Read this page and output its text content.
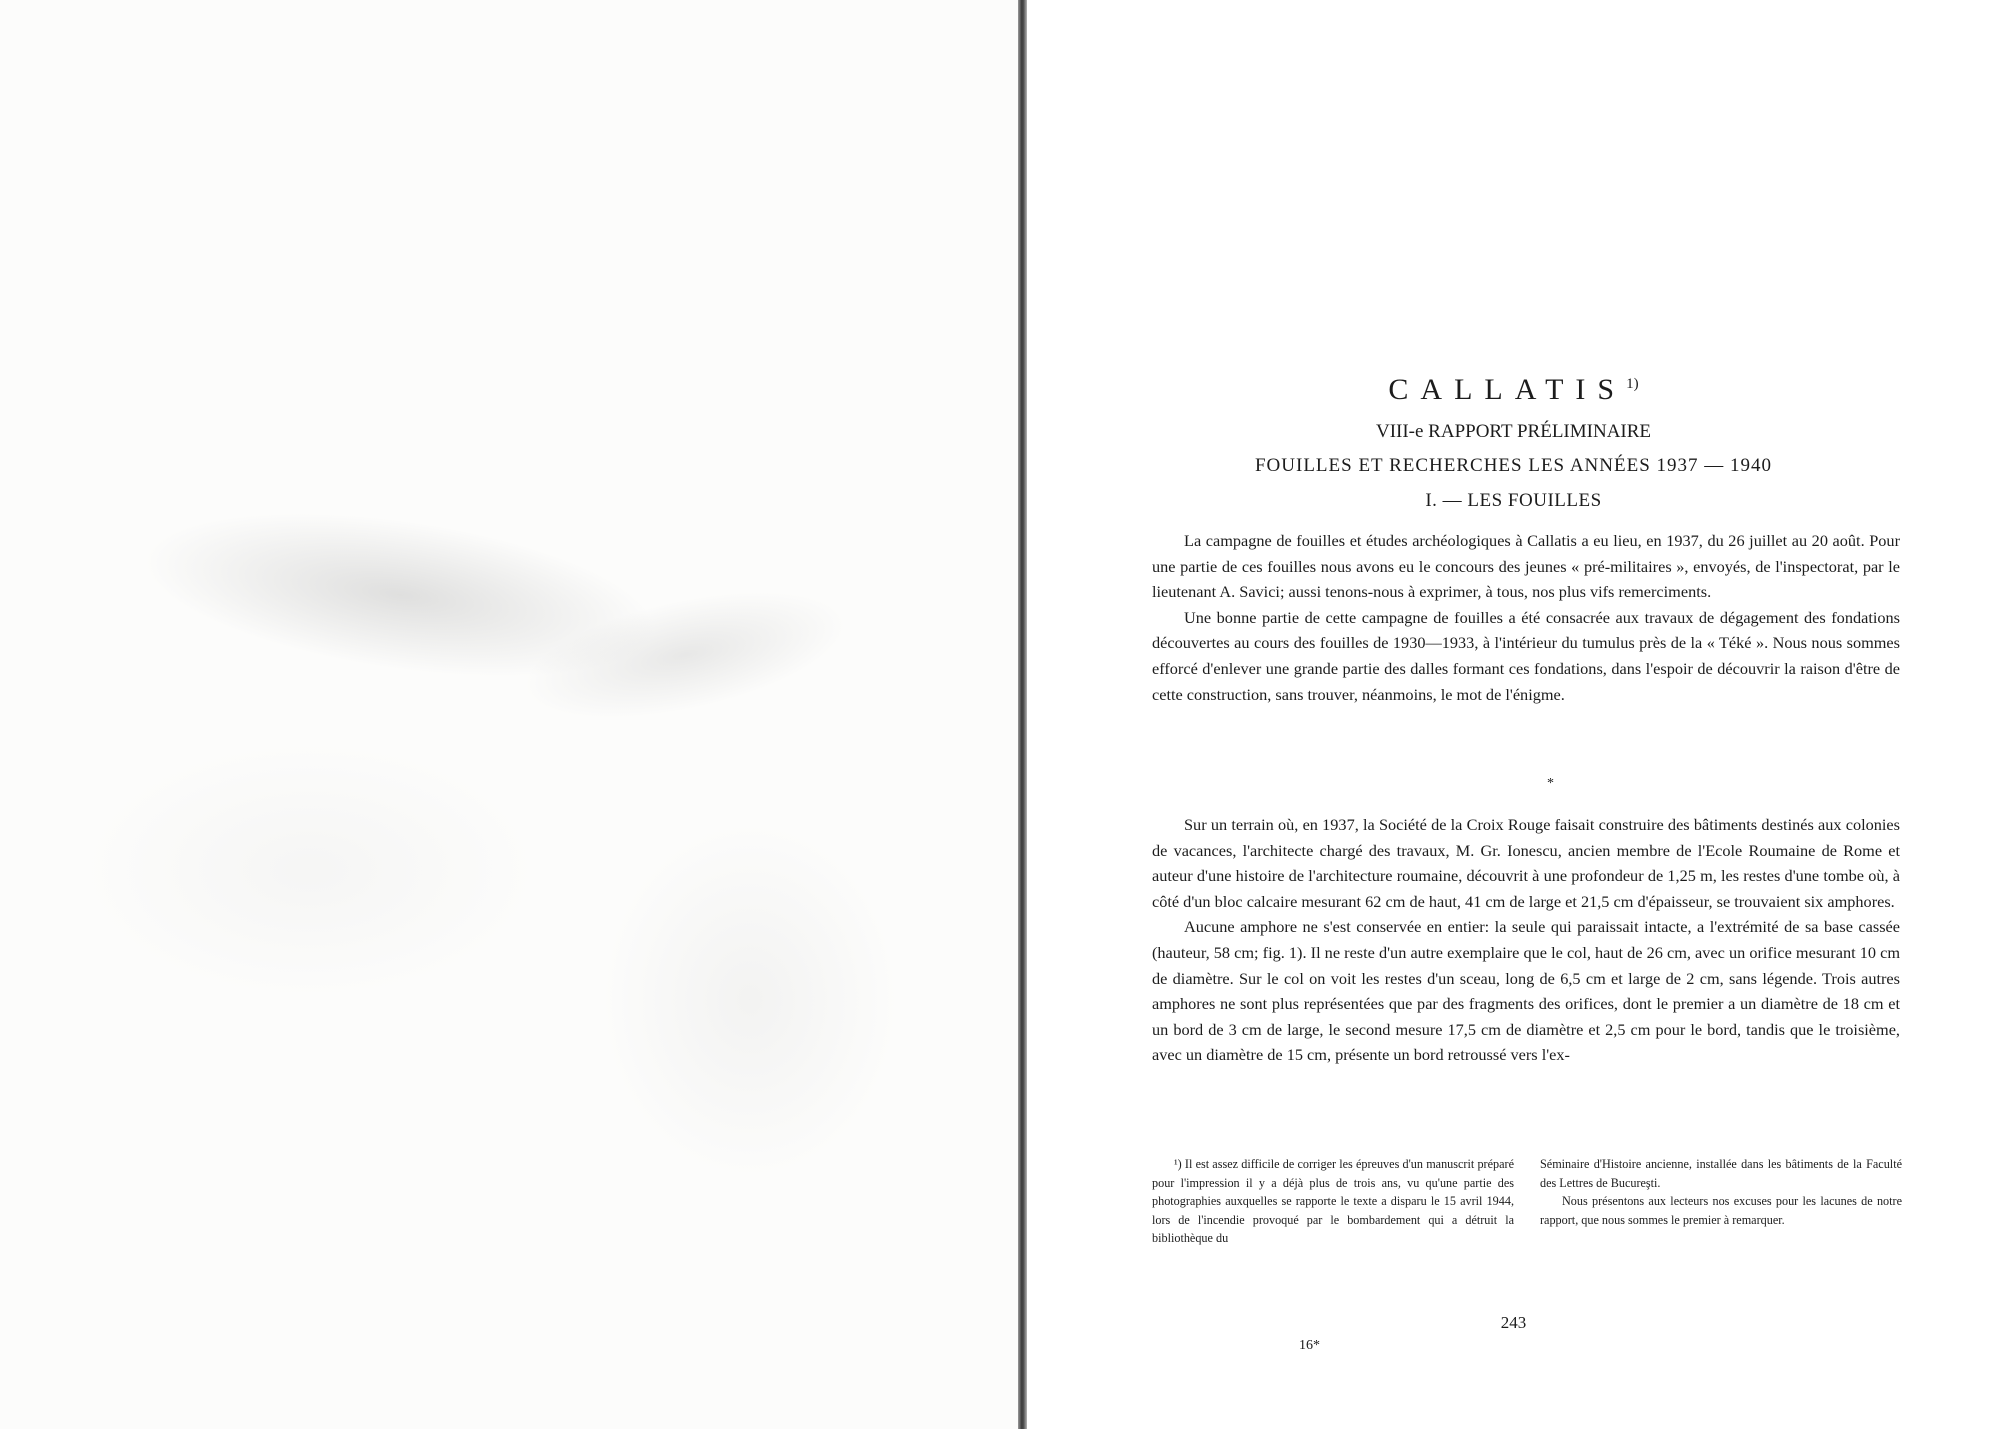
CALLATIS$^{1)}$
VIII-e RAPPORT PRÉLIMINAIRE
FOUILLES ET RECHERCHES LES ANNÉES 1937 — 1940
I. — LES FOUILLES

La campagne de fouilles et études archéologiques à Callatis a eu lieu, en 1937, du 26 juillet au 20 août. Pour une partie de ces fouilles nous avons eu le concours des jeunes « pré-militaires », envoyés, de l'inspectorat, par le lieutenant A. Savici; aussi tenons-nous à exprimer, à tous, nos plus vifs remerciments.

Une bonne partie de cette campagne de fouilles a été consacrée aux travaux de dégagement des fondations découvertes au cours des fouilles de 1930—1933, à l'intérieur du tumulus près de la « Téké ». Nous nous sommes efforcé d'enlever une grande partie des dalles formant ces fondations, dans l'espoir de découvrir la raison d'être de cette construction, sans trouver, néanmoins, le mot de l'énigme.

*

Sur un terrain où, en 1937, la Société de la Croix Rouge faisait construire des bâtiments destinés aux colonies de vacances, l'architecte chargé des travaux, M. Gr. Ionescu, ancien membre de l'Ecole Roumaine de Rome et auteur d'une histoire de l'architecture roumaine, découvrit à une profondeur de 1,25 m, les restes d'une tombe où, à côté d'un bloc calcaire mesurant 62 cm de haut, 41 cm de large et 21,5 cm d'épaisseur, se trouvaient six amphores.

Aucune amphore ne s'est conservée en entier: la seule qui paraissait intacte, a l'extrémité de sa base cassée (hauteur, 58 cm; fig. 1). Il ne reste d'un autre exemplaire que le col, haut de 26 cm, avec un orifice mesurant 10 cm de diamètre. Sur le col on voit les restes d'un sceau, long de 6,5 cm et large de 2 cm, sans légende. Trois autres amphores ne sont plus représentées que par des fragments des orifices, dont le premier a un diamètre de 18 cm et un bord de 3 cm de large, le second mesure 17,5 cm de diamètre et 2,5 cm pour le bord, tandis que le troisième, avec un diamètre de 15 cm, présente un bord retroussé vers l'ex-

¹) Il est assez difficile de corriger les épreuves d'un manuscrit préparé pour l'impression il y a déjà plus de trois ans, vu qu'une partie des photographies auxquelles se rapporte le texte a disparu le 15 avril 1944, lors de l'incendie provoqué par le bombardement qui a détruit la bibliothèque du

Séminaire d'Histoire ancienne, installée dans les bâtiments de la Faculté des Lettres de Bucureşti.

Nous présentons aux lecteurs nos excuses pour les lacunes de notre rapport, que nous sommes le premier à remarquer.

243
16*
